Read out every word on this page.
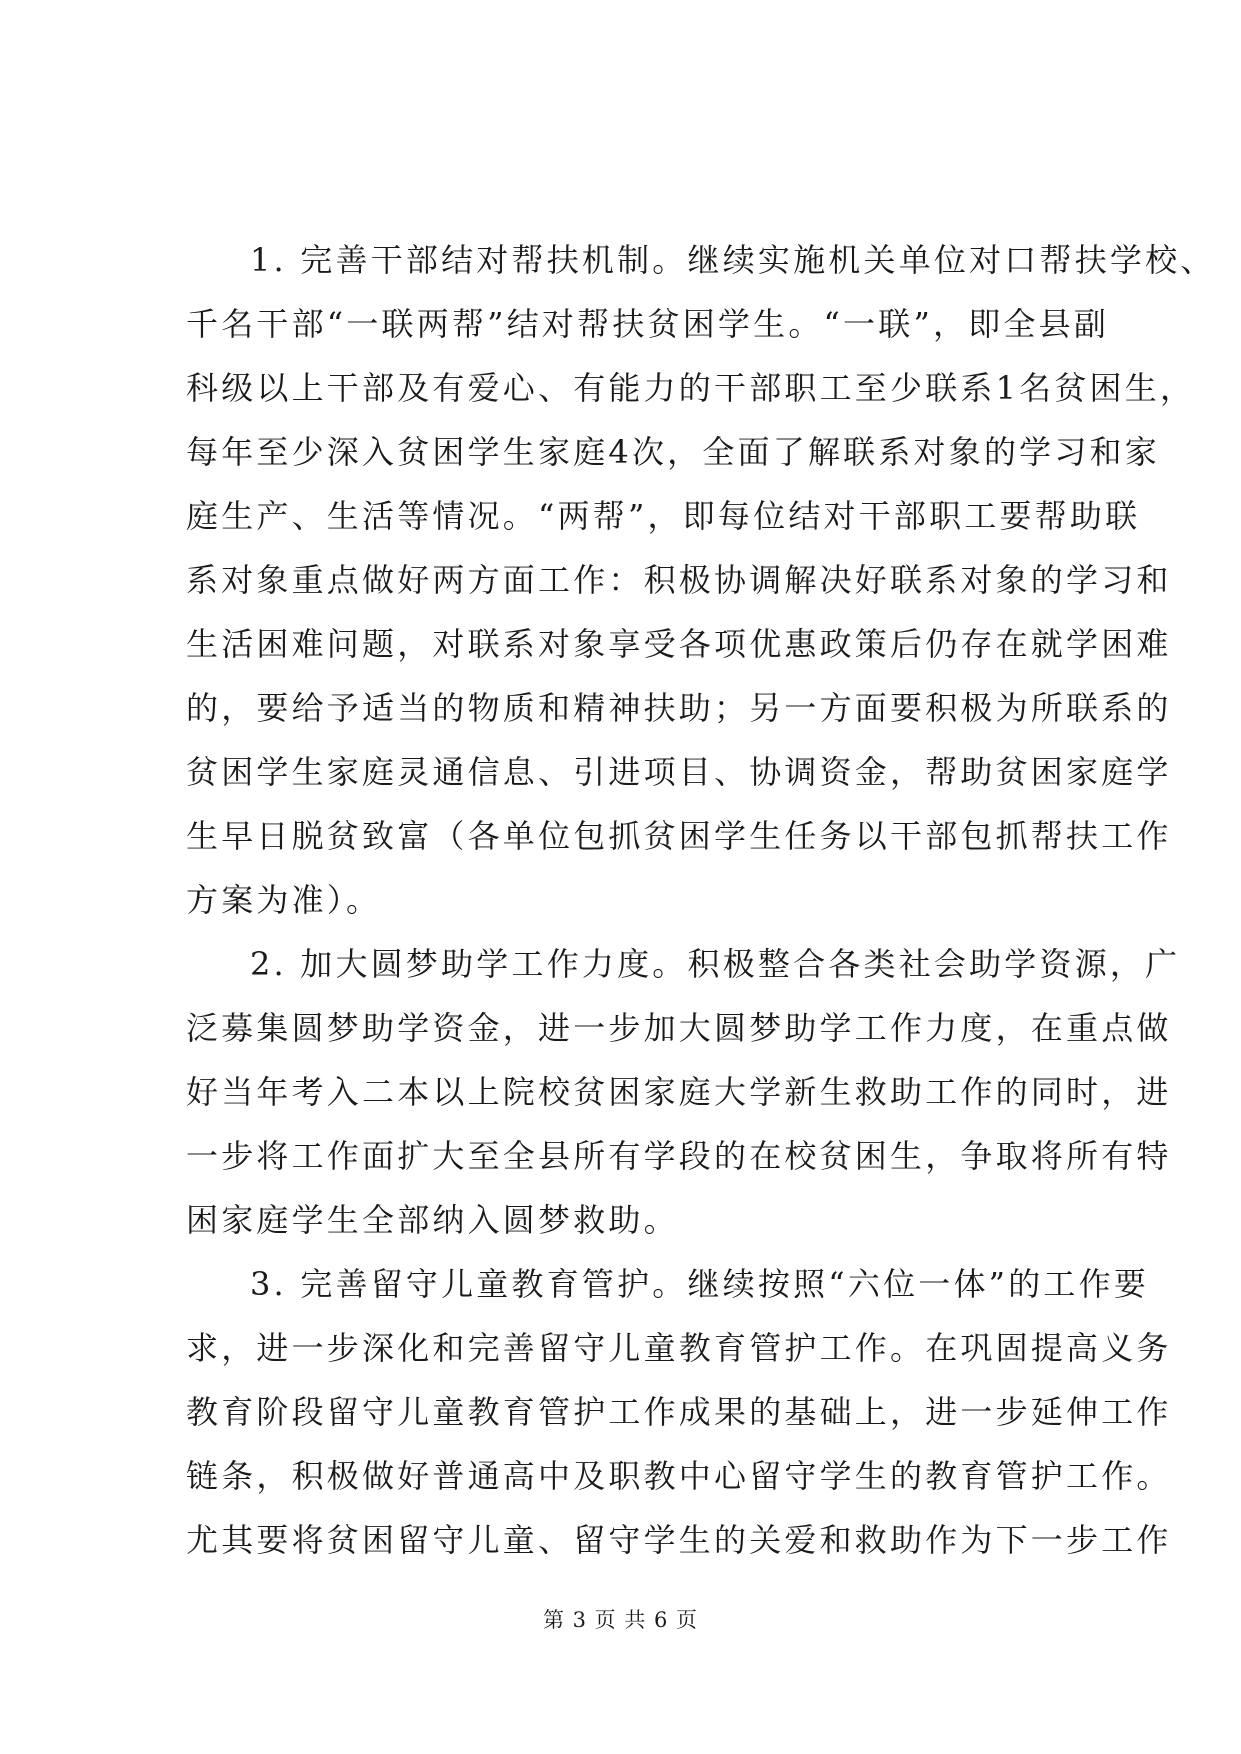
1. 完善干部结对帮扶机制。继续实施机关单位对口帮扶学校、
千名干部“一联两帮”结对帮扶贫困学生。“一联”，即全县副
科级以上干部及有爱心、有能力的干部职工至少联系1名贫困生，
每年至少深入贫困学生家庭4次，全面了解联系对象的学习和家
庭生产、生活等情况。“两帮”，即每位结对干部职工要帮助联
系对象重点做好两方面工作：积极协调解决好联系对象的学习和
生活困难问题，对联系对象享受各项优惠政策后仍存在就学困难
的，要给予适当的物质和精神扶助；另一方面要积极为所联系的
贫困学生家庭灵通信息、引进项目、协调资金，帮助贫困家庭学
生早日脱贫致富（各单位包抓贫困学生任务以干部包抓帮扶工作
方案为准）。
2. 加大圆梦助学工作力度。积极整合各类社会助学资源，广
泛募集圆梦助学资金，进一步加大圆梦助学工作力度，在重点做
好当年考入二本以上院校贫困家庭大学新生救助工作的同时，进
一步将工作面扩大至全县所有学段的在校贫困生，争取将所有特
困家庭学生全部纳入圆梦救助。
3. 完善留守儿童教育管护。继续按照“六位一体”的工作要
求，进一步深化和完善留守儿童教育管护工作。在巩固提高义务
教育阶段留守儿童教育管护工作成果的基础上，进一步延伸工作
链条，积极做好普通高中及职教中心留守学生的教育管护工作。
尤其要将贫困留守儿童、留守学生的关爱和救助作为下一步工作
第 3 页 共 6 页
